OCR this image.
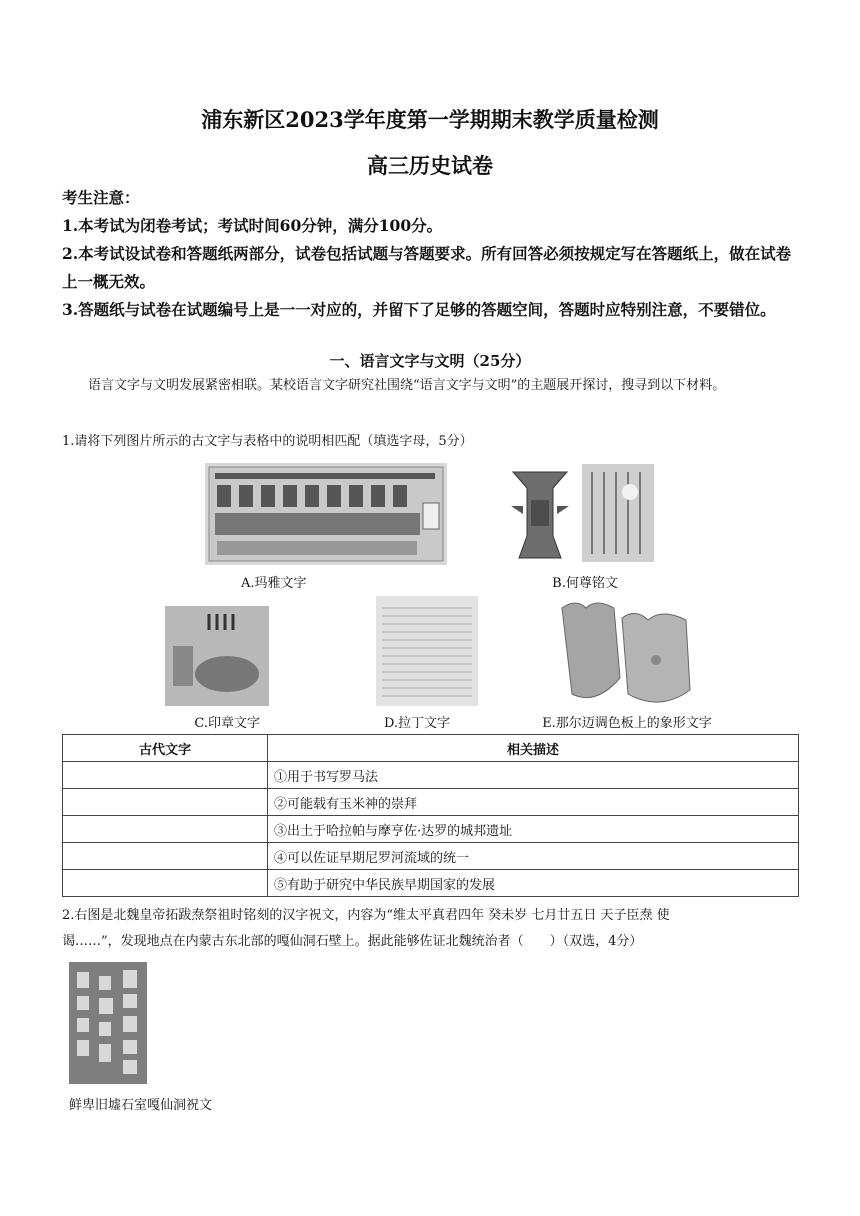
浦东新区2023学年度第一学期期末教学质量检测
高三历史试卷
考生注意：
1.本考试为闭卷考试；考试时间60分钟，满分100分。
2.本考试设试卷和答题纸两部分，试卷包括试题与答题要求。所有回答必须按规定写在答题纸上，做在试卷上一概无效。
3.答题纸与试卷在试题编号上是一一对应的，并留下了足够的答题空间，答题时应特别注意，不要错位。
一、语言文字与文明（25分）
语言文字与文明发展紧密相联。某校语言文字研究社围绕“语言文字与文明”的主题展开探讨，搜寻到以下材料。
1.请将下列图片所示的古文字与表格中的说明相匹配（填选字母，5分）
A.玛雅文字	B.何尊铭文
C.印章文字	D.拉丁文字	E.那尔迈调色板上的象形文字
古代文字	相关描述
	①用于书写罗马法
	②可能载有玉米神的崇拜
	③出土于哈拉帕与摩亨佐·达罗的城邦遗址
	④可以佐证早期尼罗河流域的统一
	⑤有助于研究中华民族早期国家的发展
2.右图是北魏皇帝拓跋焘祭祖时铭刻的汉字祝文，内容为“维太平真君四年 癸未岁 七月廿五日 天子臣焘 使
谒……”，发现地点在内蒙古东北部的嘎仙洞石壁上。据此能够佐证北魏统治者（　　）（双选，4分）
鲜卑旧墟石室嘎仙洞祝文
